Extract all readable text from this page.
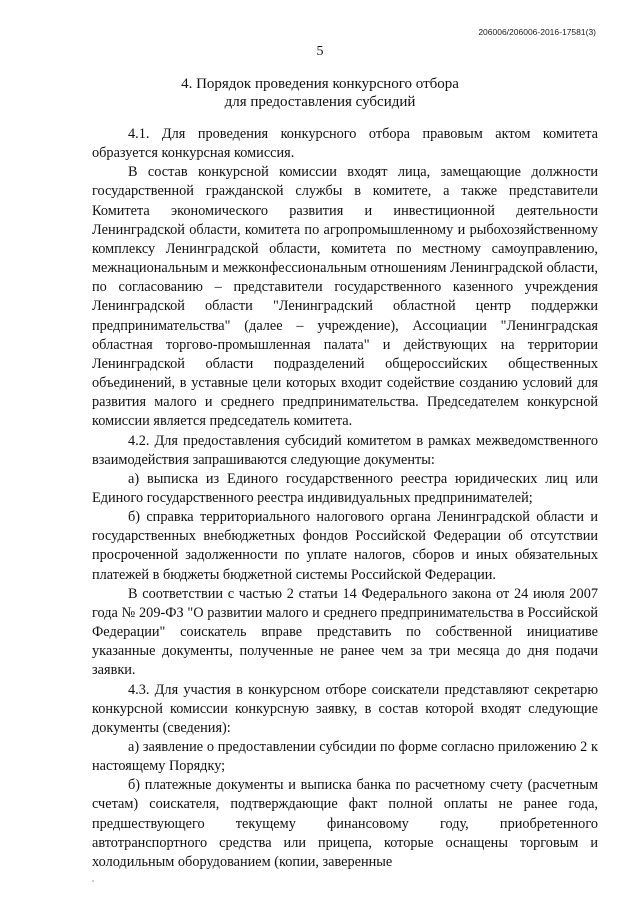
206006/206006-2016-17581(3)
5
4. Порядок проведения конкурсного отбора
для предоставления субсидий

4.1. Для проведения конкурсного отбора правовым актом комитета образуется конкурсная комиссия.

В состав конкурсной комиссии входят лица, замещающие должности государственной гражданской службы в комитете, а также представители Комитета экономического развития и инвестиционной деятельности Ленинградской области, комитета по агропромышленному и рыбохозяйственному комплексу Ленинградской области, комитета по местному самоуправлению, межнациональным и межконфессиональным отношениям Ленинградской области, по согласованию – представители государственного казенного учреждения Ленинградской области "Ленинградский областной центр поддержки предпринимательства" (далее – учреждение), Ассоциации "Ленинградская областная торгово-промышленная палата" и действующих на территории Ленинградской области подразделений общероссийских общественных объединений, в уставные цели которых входит содействие созданию условий для развития малого и среднего предпринимательства. Председателем конкурсной комиссии является председатель комитета.

4.2. Для предоставления субсидий комитетом в рамках межведомственного взаимодействия запрашиваются следующие документы:

а) выписка из Единого государственного реестра юридических лиц или Единого государственного реестра индивидуальных предпринимателей;

б) справка территориального налогового органа Ленинградской области и государственных внебюджетных фондов Российской Федерации об отсутствии просроченной задолженности по уплате налогов, сборов и иных обязательных платежей в бюджеты бюджетной системы Российской Федерации.

В соответствии с частью 2 статьи 14 Федерального закона от 24 июля 2007 года № 209-ФЗ "О развитии малого и среднего предпринимательства в Российской Федерации" соискатель вправе представить по собственной инициативе указанные документы, полученные не ранее чем за три месяца до дня подачи заявки.

4.3. Для участия в конкурсном отборе соискатели представляют секретарю конкурсной комиссии конкурсную заявку, в состав которой входят следующие документы (сведения):

а) заявление о предоставлении субсидии по форме согласно приложению 2 к настоящему Порядку;

б) платежные документы и выписка банка по расчетному счету (расчетным счетам) соискателя, подтверждающие факт полной оплаты не ранее года, предшествующего текущему финансовому году, приобретенного автотранспортного средства или прицепа, которые оснащены торговым и холодильным оборудованием (копии, заверенные
